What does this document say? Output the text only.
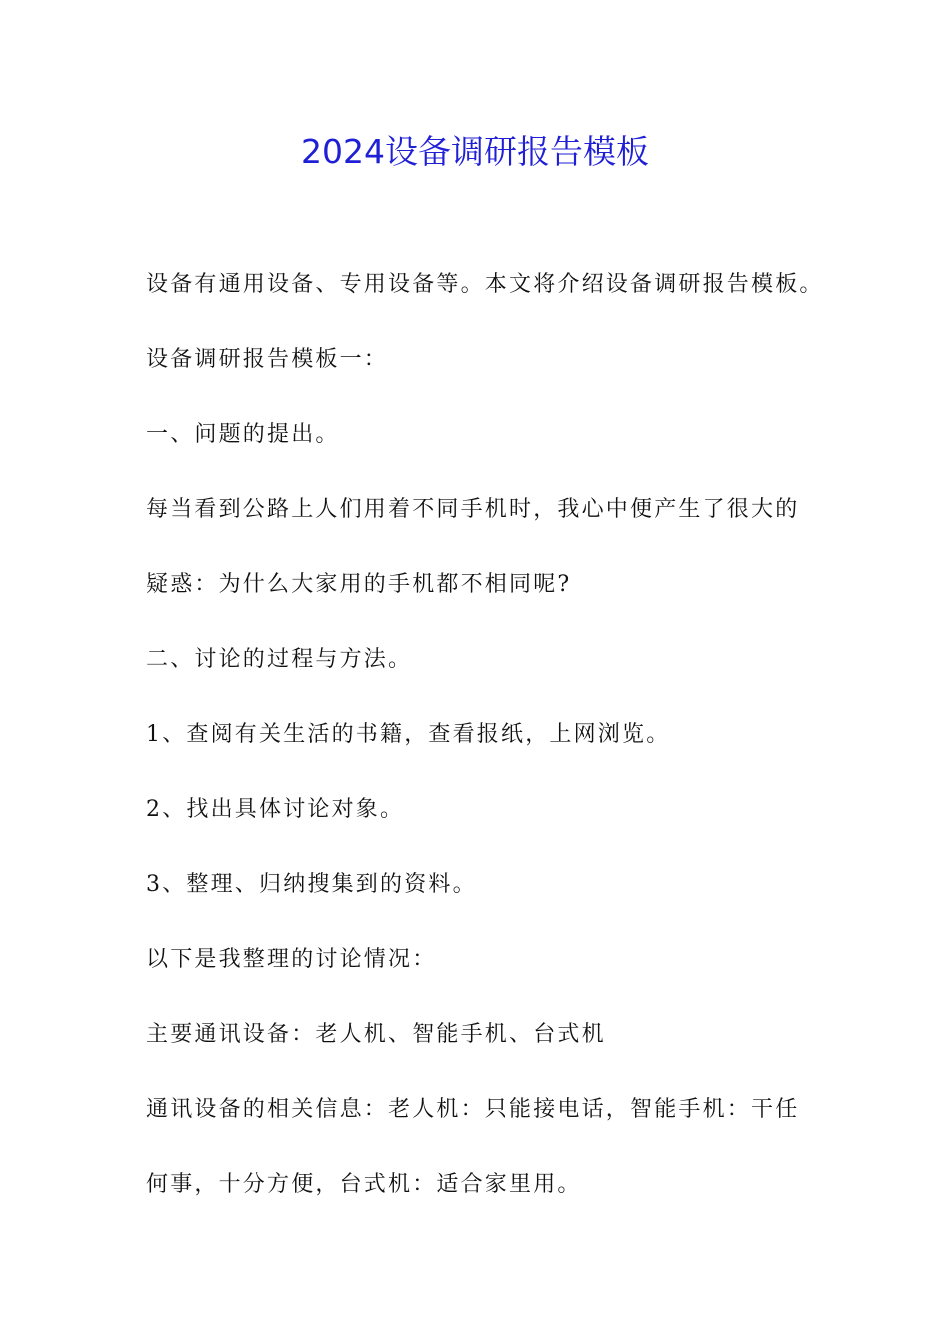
2024设备调研报告模板

设备有通用设备、专用设备等。本文将介绍设备调研报告模板。

设备调研报告模板一：

一、问题的提出。

每当看到公路上人们用着不同手机时，我心中便产生了很大的

疑惑：为什么大家用的手机都不相同呢?

二、讨论的过程与方法。

1、查阅有关生活的书籍，查看报纸，上网浏览。

2、找出具体讨论对象。

3、整理、归纳搜集到的资料。

以下是我整理的讨论情况：

主要通讯设备：老人机、智能手机、台式机

通讯设备的相关信息：老人机：只能接电话，智能手机：干任

何事，十分方便，台式机：适合家里用。
